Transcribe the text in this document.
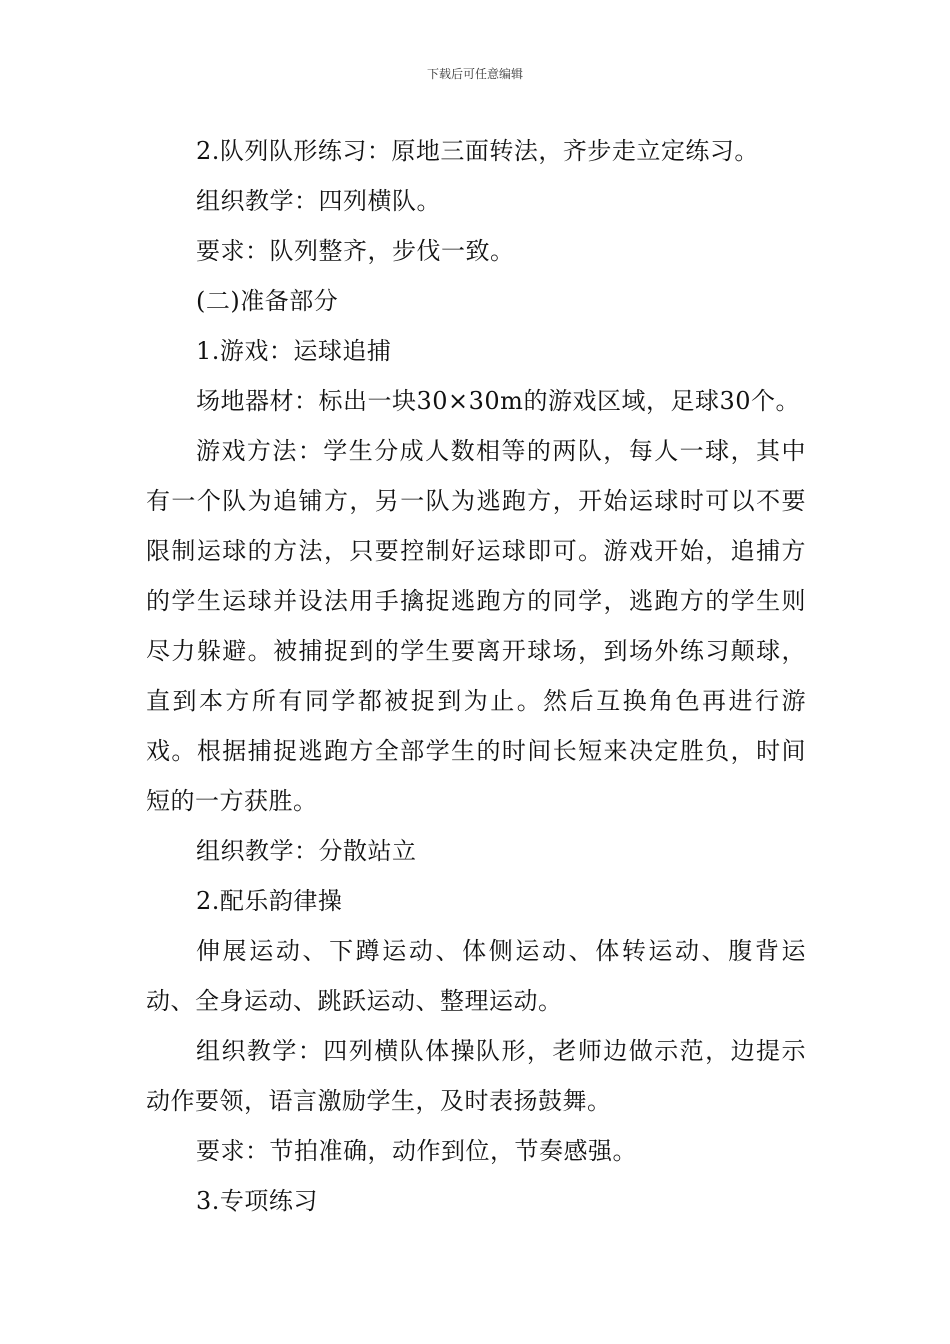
下载后可任意编辑

2.队列队形练习：原地三面转法，齐步走立定练习。

组织教学：四列横队。

要求：队列整齐，步伐一致。

(二)准备部分

1.游戏：运球追捕

场地器材：标出一块30×30m的游戏区域，足球30个。

游戏方法：学生分成人数相等的两队，每人一球，其中有一个队为追铺方，另一队为逃跑方，开始运球时可以不要限制运球的方法，只要控制好运球即可。游戏开始，追捕方的学生运球并设法用手擒捉逃跑方的同学，逃跑方的学生则尽力躲避。被捕捉到的学生要离开球场，到场外练习颠球，直到本方所有同学都被捉到为止。然后互换角色再进行游戏。根据捕捉逃跑方全部学生的时间长短来决定胜负，时间短的一方获胜。

组织教学：分散站立

2.配乐韵律操

伸展运动、下蹲运动、体侧运动、体转运动、腹背运动、全身运动、跳跃运动、整理运动。

组织教学：四列横队体操队形，老师边做示范，边提示动作要领，语言激励学生，及时表扬鼓舞。

要求：节拍准确，动作到位，节奏感强。

3.专项练习
